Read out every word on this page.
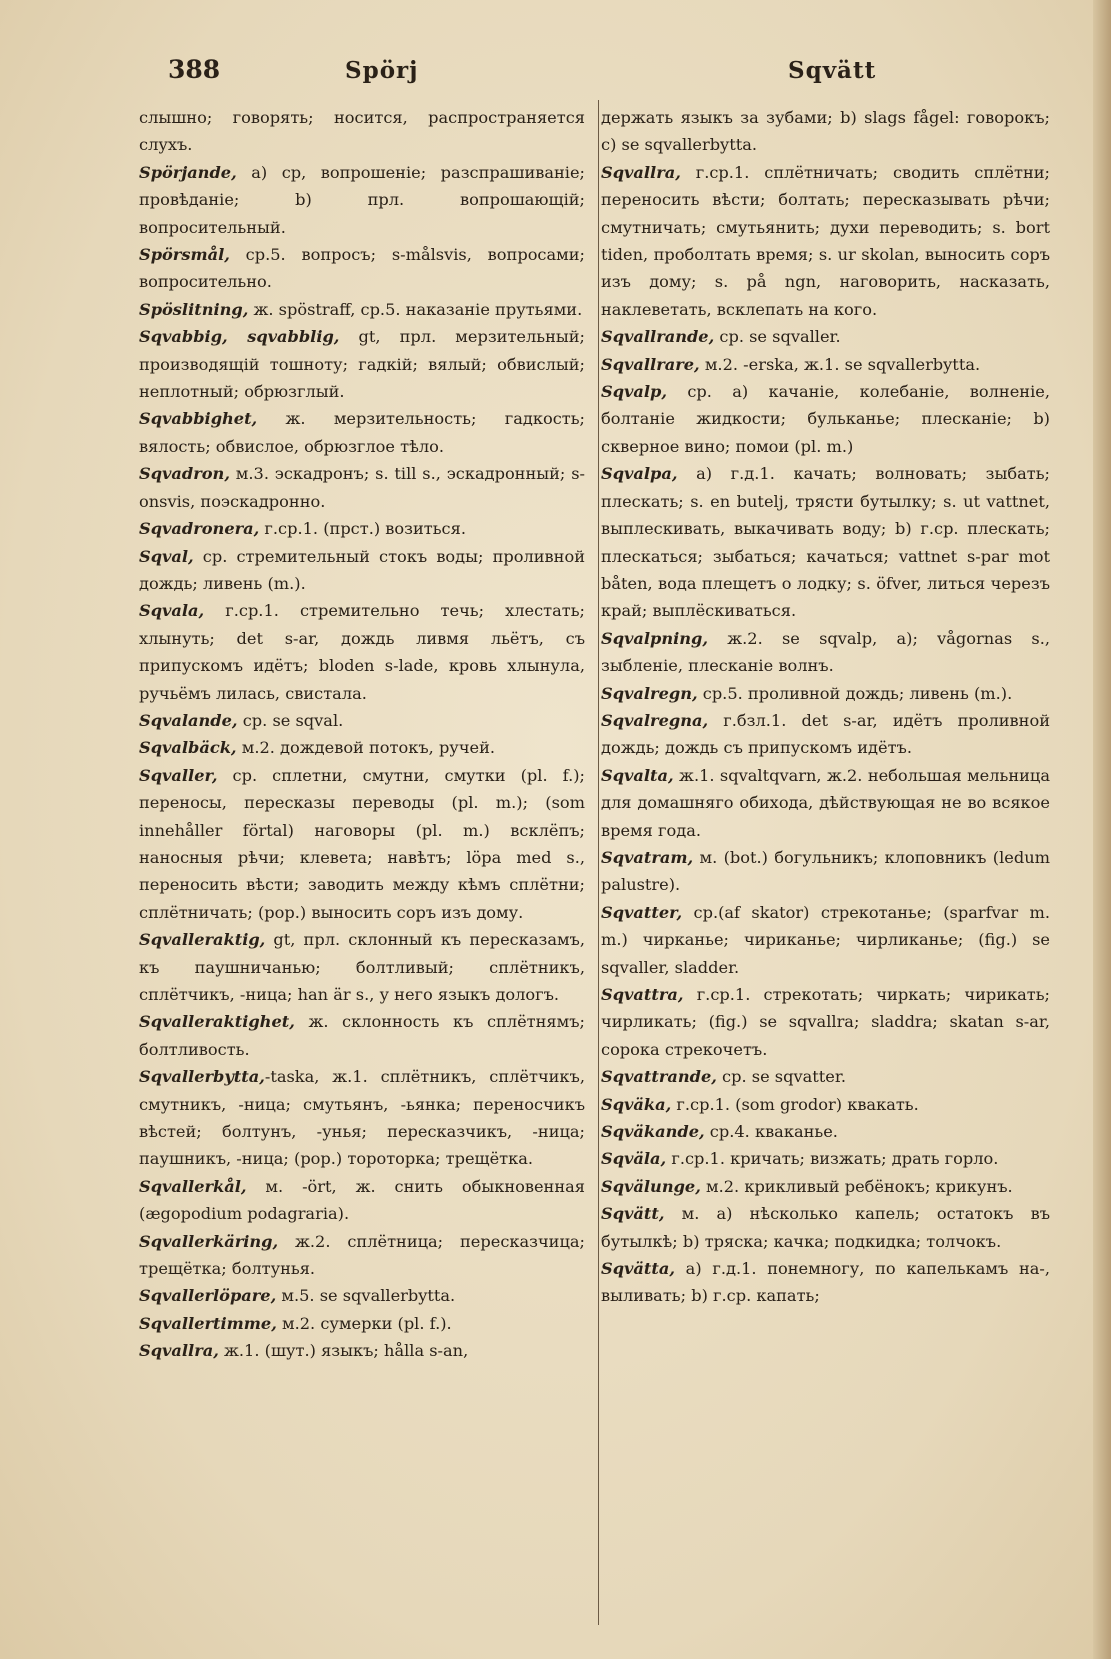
388	Spörj	Sqvätt
слышно; говорять; носится, распространяется слухъ.
Spörjande, а) ср, вопрошеніе; разспрашиваніе; провѣданіе; b) прл. вопрошающій; вопросительный.
Spörsmål, ср.5. вопросъ; s-målsvis, вопросами; вопросительно.
Spöslitning, ж. spöstraff, ср.5. наказаніе прутьями.
Sqvabbig, sqvabblig, gt, прл. мерзительный; производящій тошноту; гадкій; вялый; обвислый; неплотный; обрюзглый.
Sqvabbighet, ж. мерзительность; гадкость; вялость; обвислое, обрюзглое тѣло.
Sqvadron, м.3. эскадронъ; s. till s., эскадронный; s-onsvis, поэскадронно.
Sqvadronera, г.ср.1. (прст.) возиться.
Sqval, ср. стремительный стокъ воды; проливной дождь; ливень (m.).
Sqvala, г.ср.1. стремительно течь; хлестать; хлынуть; det s-ar, дождь ливмя льётъ, съ припускомъ идётъ; bloden s-lade, кровь хлынула, ручьёмъ лилась, свистала.
Sqvalande, ср. se sqval.
Sqvalbäck, м.2. дождевой потокъ, ручей.
Sqvaller, ср. сплетни, смутни, смутки (pl. f.); переносы, пересказы переводы (pl. m.); (som innehåller förtal) наговоры (pl. m.) всклёпъ; наносныя рѣчи; клевета; навѣтъ; löpa med s., переносить вѣсти; заводить между кѣмъ сплётни; сплётничать; (pop.) выносить соръ изъ дому.
Sqvalleraktig, gt, прл. склонный къ пересказамъ, къ паушничанью; болтливый; сплётникъ, сплётчикъ, -ница; han är s., у него языкъ дологъ.
Sqvalleraktighet, ж. склонность къ сплётнямъ; болтливость.
Sqvallerbytta,-taska, ж.1. сплётникъ, сплётчикъ, смутникъ, -ница; смутьянъ, -ьянка; переносчикъ вѣстей; болтунъ, -унья; пересказчикъ, -ница; паушникъ, -ница; (pop.) тороторка; трещётка.
Sqvallerkål, м. -ört, ж. снить обыкновенная (ægopodium podagraria).
Sqvallerkäring, ж.2. сплётница; пересказчица; трещётка; болтунья.
Sqvallerlöpare, м.5. se sqvallerbytta.
Sqvallertimme, м.2. сумерки (pl. f.).
Sqvallra, ж.1. (шут.) языкъ; hålla s-an,
держать языкъ за зубами; b) slags fågel: говорокъ; c) se sqvallerbytta.
Sqvallra, г.ср.1. сплётничать; сводить сплётни; переносить вѣсти; болтать; пересказывать рѣчи; смутничать; смутьянить; духи переводить; s. bort tiden, проболтать время; s. ur skolan, выносить соръ изъ дому; s. på ngn, наговорить, насказать, наклеветать, всклепать на кого.
Sqvallrande, ср. se sqvaller.
Sqvallrare, м.2. -erska, ж.1. se sqvallerbytta.
Sqvalp, ср. а) качаніе, колебаніе, волненіе, болтаніе жидкости; бульканье; плесканіе; b) скверное вино; помои (pl. m.)
Sqvalpa, а) г.д.1. качать; волновать; зыбать; плескать; s. en butelj, трясти бутылку; s. ut vattnet, выплескивать, выкачивать воду; b) г.ср. плескать; плескаться; зыбаться; качаться; vattnet s-par mot båten, вода плещетъ о лодку; s. öfver, литься черезъ край; выплёскиваться.
Sqvalpning, ж.2. se sqvalp, а); vågornas s., зыбленіе, плесканіе волнъ.
Sqvalregn, ср.5. проливной дождь; ливень (m.).
Sqvalregna, г.бзл.1. det s-ar, идётъ проливной дождь; дождь съ припускомъ идётъ.
Sqvalta, ж.1. sqvaltqvarn, ж.2. небольшая мельница для домашняго обихода, дѣйствующая не во всякое время года.
Sqvatram, м. (bot.) богульникъ; клоповникъ (ledum palustre).
Sqvatter, ср.(af skator) стрекотанье; (sparfvar m. m.) чирканье; чириканье; чирликанье; (fig.) se sqvaller, sladder.
Sqvattra, г.ср.1. стрекотать; чиркать; чирикать; чирликать; (fig.) se sqvallra; sladdra; skatan s-ar, сорока стрекочетъ.
Sqvattrande, ср. se sqvatter.
Sqväka, г.ср.1. (som grodor) квакать.
Sqväkande, ср.4. кваканье.
Sqväla, г.ср.1. кричать; визжать; драть горло.
Sqvälunge, м.2. крикливый ребёнокъ; крикунъ.
Sqvätt, м. а) нѣсколько капель; остатокъ въ бутылкѣ; b) тряска; качка; подкидка; толчокъ.
Sqvätta, а) г.д.1. понемногу, по капелькамъ на-, выливать; b) г.ср. капать;
